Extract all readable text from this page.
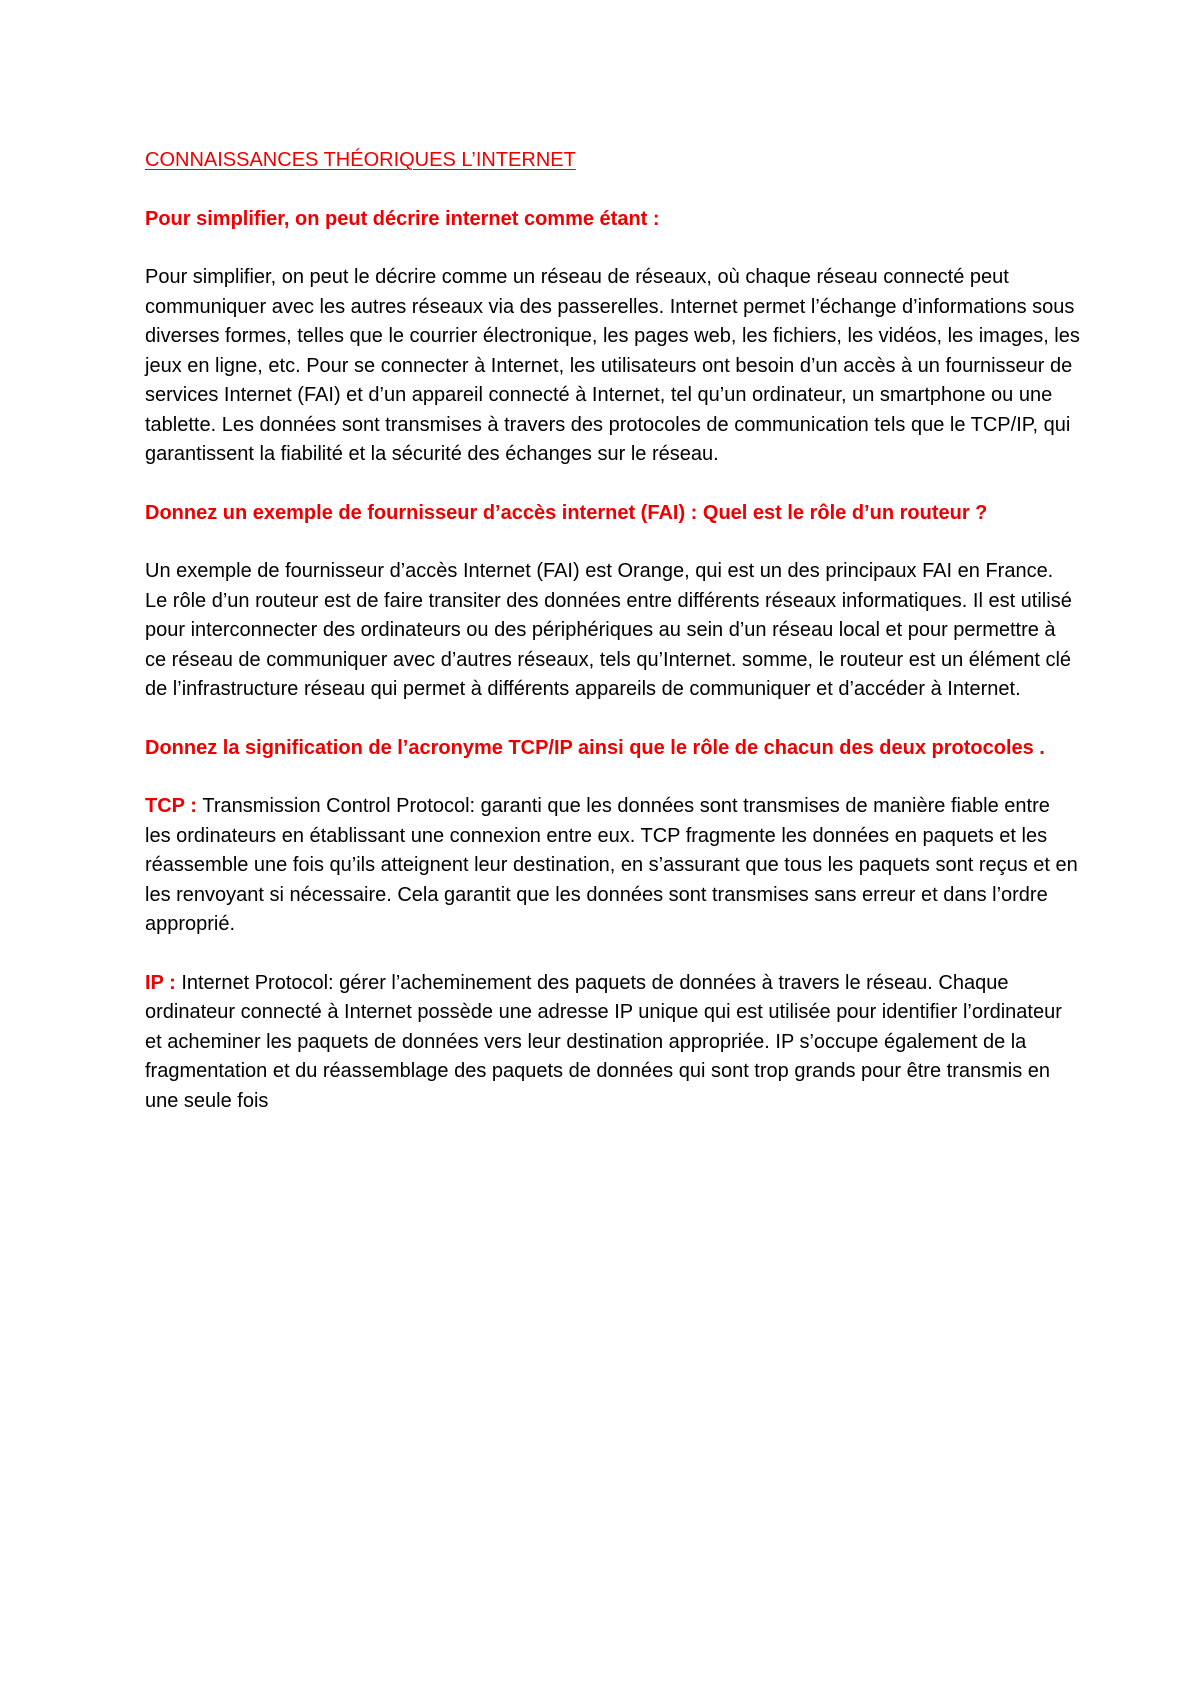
CONNAISSANCES THÉORIQUES L’INTERNET
Pour simplifier, on peut décrire internet comme étant :
Pour simplifier, on peut le décrire comme un réseau de réseaux, où chaque réseau connecté peut communiquer avec les autres réseaux via des passerelles. Internet permet l’échange d’informations sous diverses formes, telles que le courrier électronique, les pages web, les fichiers, les vidéos, les images, les jeux en ligne, etc. Pour se connecter à Internet, les utilisateurs ont besoin d’un accès à un fournisseur de services Internet (FAI) et d’un appareil connecté à Internet, tel qu’un ordinateur, un smartphone ou une tablette. Les données sont transmises à travers des protocoles de communication tels que le TCP/IP, qui garantissent la fiabilité et la sécurité des échanges sur le réseau.
Donnez un exemple de fournisseur d’accès internet (FAI) : Quel est le rôle d’un routeur ?
Un exemple de fournisseur d’accès Internet (FAI) est Orange, qui est un des principaux FAI en France. Le rôle d’un routeur est de faire transiter des données entre différents réseaux informatiques. Il est utilisé pour interconnecter des ordinateurs ou des périphériques au sein d’un réseau local et pour permettre à ce réseau de communiquer avec d’autres réseaux, tels qu’Internet. somme, le routeur est un élément clé de l’infrastructure réseau qui permet à différents appareils de communiquer et d’accéder à Internet.
Donnez la signification de l’acronyme TCP/IP ainsi que le rôle de chacun des deux protocoles .
TCP : Transmission Control Protocol: garanti que les données sont transmises de manière fiable entre les ordinateurs en établissant une connexion entre eux. TCP fragmente les données en paquets et les réassemble une fois qu’ils atteignent leur destination, en s’assurant que tous les paquets sont reçus et en les renvoyant si nécessaire. Cela garantit que les données sont transmises sans erreur et dans l’ordre approprié.
IP : Internet Protocol: gérer l’acheminement des paquets de données à travers le réseau. Chaque ordinateur connecté à Internet possède une adresse IP unique qui est utilisée pour identifier l’ordinateur et acheminer les paquets de données vers leur destination appropriée. IP s’occupe également de la fragmentation et du réassemblage des paquets de données qui sont trop grands pour être transmis en une seule fois
